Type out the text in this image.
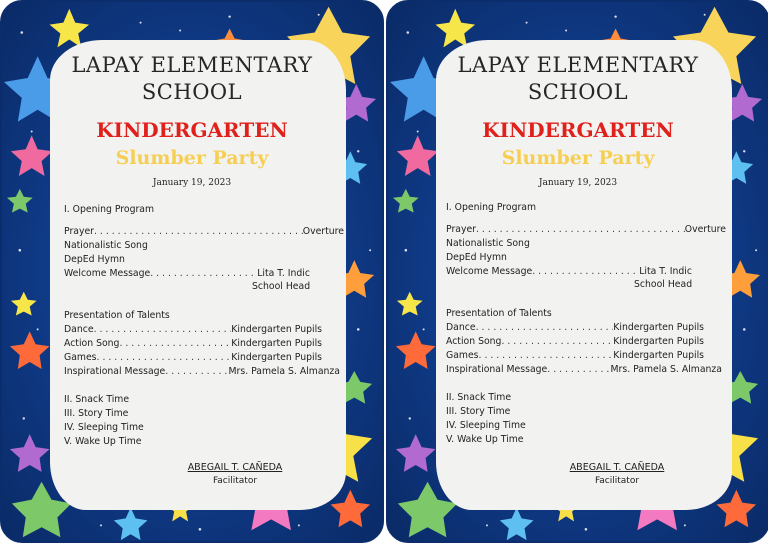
LAPAY ELEMENTARY
SCHOOL
KINDERGARTEN
Slumber Party
January 19, 2023
I. Opening Program
Prayer . . .	Overture
Nationalistic Song
DepEd Hymn
Welcome Message . . .	Lita T. Indic
School Head
Presentation of Talents
Dance . . .	Kindergarten Pupils
Action Song . . .	Kindergarten Pupils
Games . . .	Kindergarten Pupils
Inspirational Message . . .	Mrs. Pamela S. Almanza
II. Snack Time
III. Story Time
IV. Sleeping Time
V. Wake Up Time
ABEGAIL T. CAÑEDA
Facilitator
LAPAY ELEMENTARY
SCHOOL
KINDERGARTEN
Slumber Party
January 19, 2023
I. Opening Program
Prayer . . .	Overture
Nationalistic Song
DepEd Hymn
Welcome Message . . .	Lita T. Indic
School Head
Presentation of Talents
Dance . . .	Kindergarten Pupils
Action Song . . .	Kindergarten Pupils
Games . . .	Kindergarten Pupils
Inspirational Message . . .	Mrs. Pamela S. Almanza
II. Snack Time
III. Story Time
IV. Sleeping Time
V. Wake Up Time
ABEGAIL T. CAÑEDA
Facilitator
